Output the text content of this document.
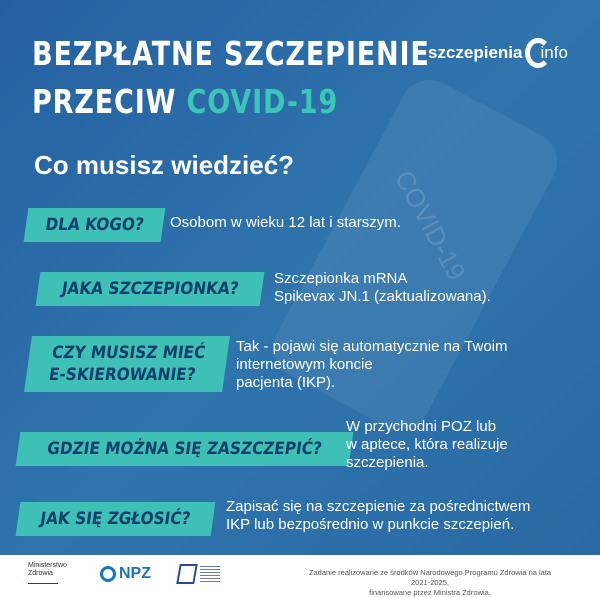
COVID-19
BEZPŁATNE SZCZEPIENIE
PRZECIW COVID-19
szczepienia info
Co musisz wiedzieć?
DLA KOGO? Osobom w wieku 12 lat i starszym.
JAKA SZCZEPIONKA?
Szczepionka mRNA
Spikevax JN.1 (zaktualizowana).
CZY MUSISZ MIEĆ
E-SKIEROWANIE?
Tak - pojawi się automatycznie na Twoim
internetowym koncie
pacjenta (IKP).
GDZIE MOŻNA SIĘ ZASZCZEPIĆ?
W przychodni POZ lub
w aptece, która realizuje
szczepienia.
JAK SIĘ ZGŁOSIĆ?
Zapisać się na szczepienie za pośrednictwem
IKP lub bezpośrednio w punkcie szczepień.
Ministerstwo
Zdrowia	NPZ	Zadanie realizowane ze środków Narodowego Programu Zdrowia na lata 2021-2025,
finansowane przez Ministra Zdrowia.
